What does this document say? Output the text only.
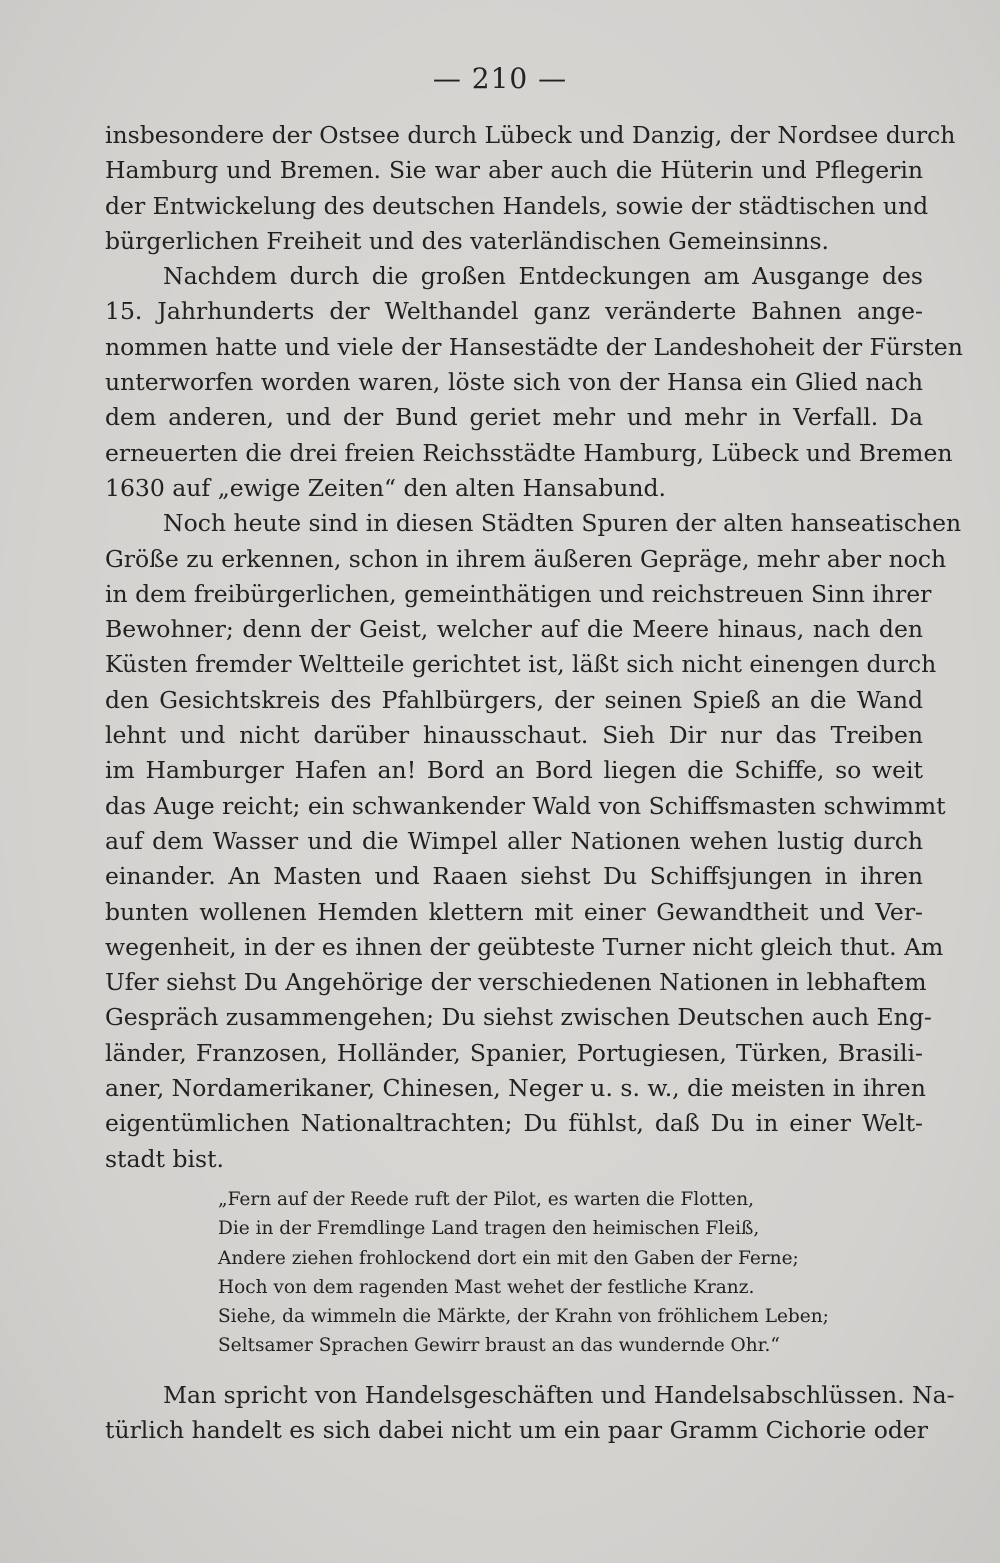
— 210 —
insbesondere der Ostsee durch Lübeck und Danzig, der Nordsee durch
Hamburg und Bremen. Sie war aber auch die Hüterin und Pflegerin
der Entwickelung des deutschen Handels, sowie der städtischen und
bürgerlichen Freiheit und des vaterländischen Gemeinsinns.
Nachdem durch die großen Entdeckungen am Ausgange des
15. Jahrhunderts der Welthandel ganz veränderte Bahnen ange-
nommen hatte und viele der Hansestädte der Landeshoheit der Fürsten
unterworfen worden waren, löste sich von der Hansa ein Glied nach
dem anderen, und der Bund geriet mehr und mehr in Verfall. Da
erneuerten die drei freien Reichsstädte Hamburg, Lübeck und Bremen
1630 auf „ewige Zeiten“ den alten Hansabund.
Noch heute sind in diesen Städten Spuren der alten hanseatischen
Größe zu erkennen, schon in ihrem äußeren Gepräge, mehr aber noch
in dem freibürgerlichen, gemeinthätigen und reichstreuen Sinn ihrer
Bewohner; denn der Geist, welcher auf die Meere hinaus, nach den
Küsten fremder Weltteile gerichtet ist, läßt sich nicht einengen durch
den Gesichtskreis des Pfahlbürgers, der seinen Spieß an die Wand
lehnt und nicht darüber hinausschaut. Sieh Dir nur das Treiben
im Hamburger Hafen an! Bord an Bord liegen die Schiffe, so weit
das Auge reicht; ein schwankender Wald von Schiffsmasten schwimmt
auf dem Wasser und die Wimpel aller Nationen wehen lustig durch
einander. An Masten und Raaen siehst Du Schiffsjungen in ihren
bunten wollenen Hemden klettern mit einer Gewandtheit und Ver-
wegenheit, in der es ihnen der geübteste Turner nicht gleich thut. Am
Ufer siehst Du Angehörige der verschiedenen Nationen in lebhaftem
Gespräch zusammengehen; Du siehst zwischen Deutschen auch Eng-
länder, Franzosen, Holländer, Spanier, Portugiesen, Türken, Brasili-
aner, Nordamerikaner, Chinesen, Neger u. s. w., die meisten in ihren
eigentümlichen Nationaltrachten; Du fühlst, daß Du in einer Welt-
stadt bist.
„Fern auf der Reede ruft der Pilot, es warten die Flotten,
Die in der Fremdlinge Land tragen den heimischen Fleiß,
Andere ziehen frohlockend dort ein mit den Gaben der Ferne;
Hoch von dem ragenden Mast wehet der festliche Kranz.
Siehe, da wimmeln die Märkte, der Krahn von fröhlichem Leben;
Seltsamer Sprachen Gewirr braust an das wundernde Ohr.“
Man spricht von Handelsgeschäften und Handelsabschlüssen. Na-
türlich handelt es sich dabei nicht um ein paar Gramm Cichorie oder
